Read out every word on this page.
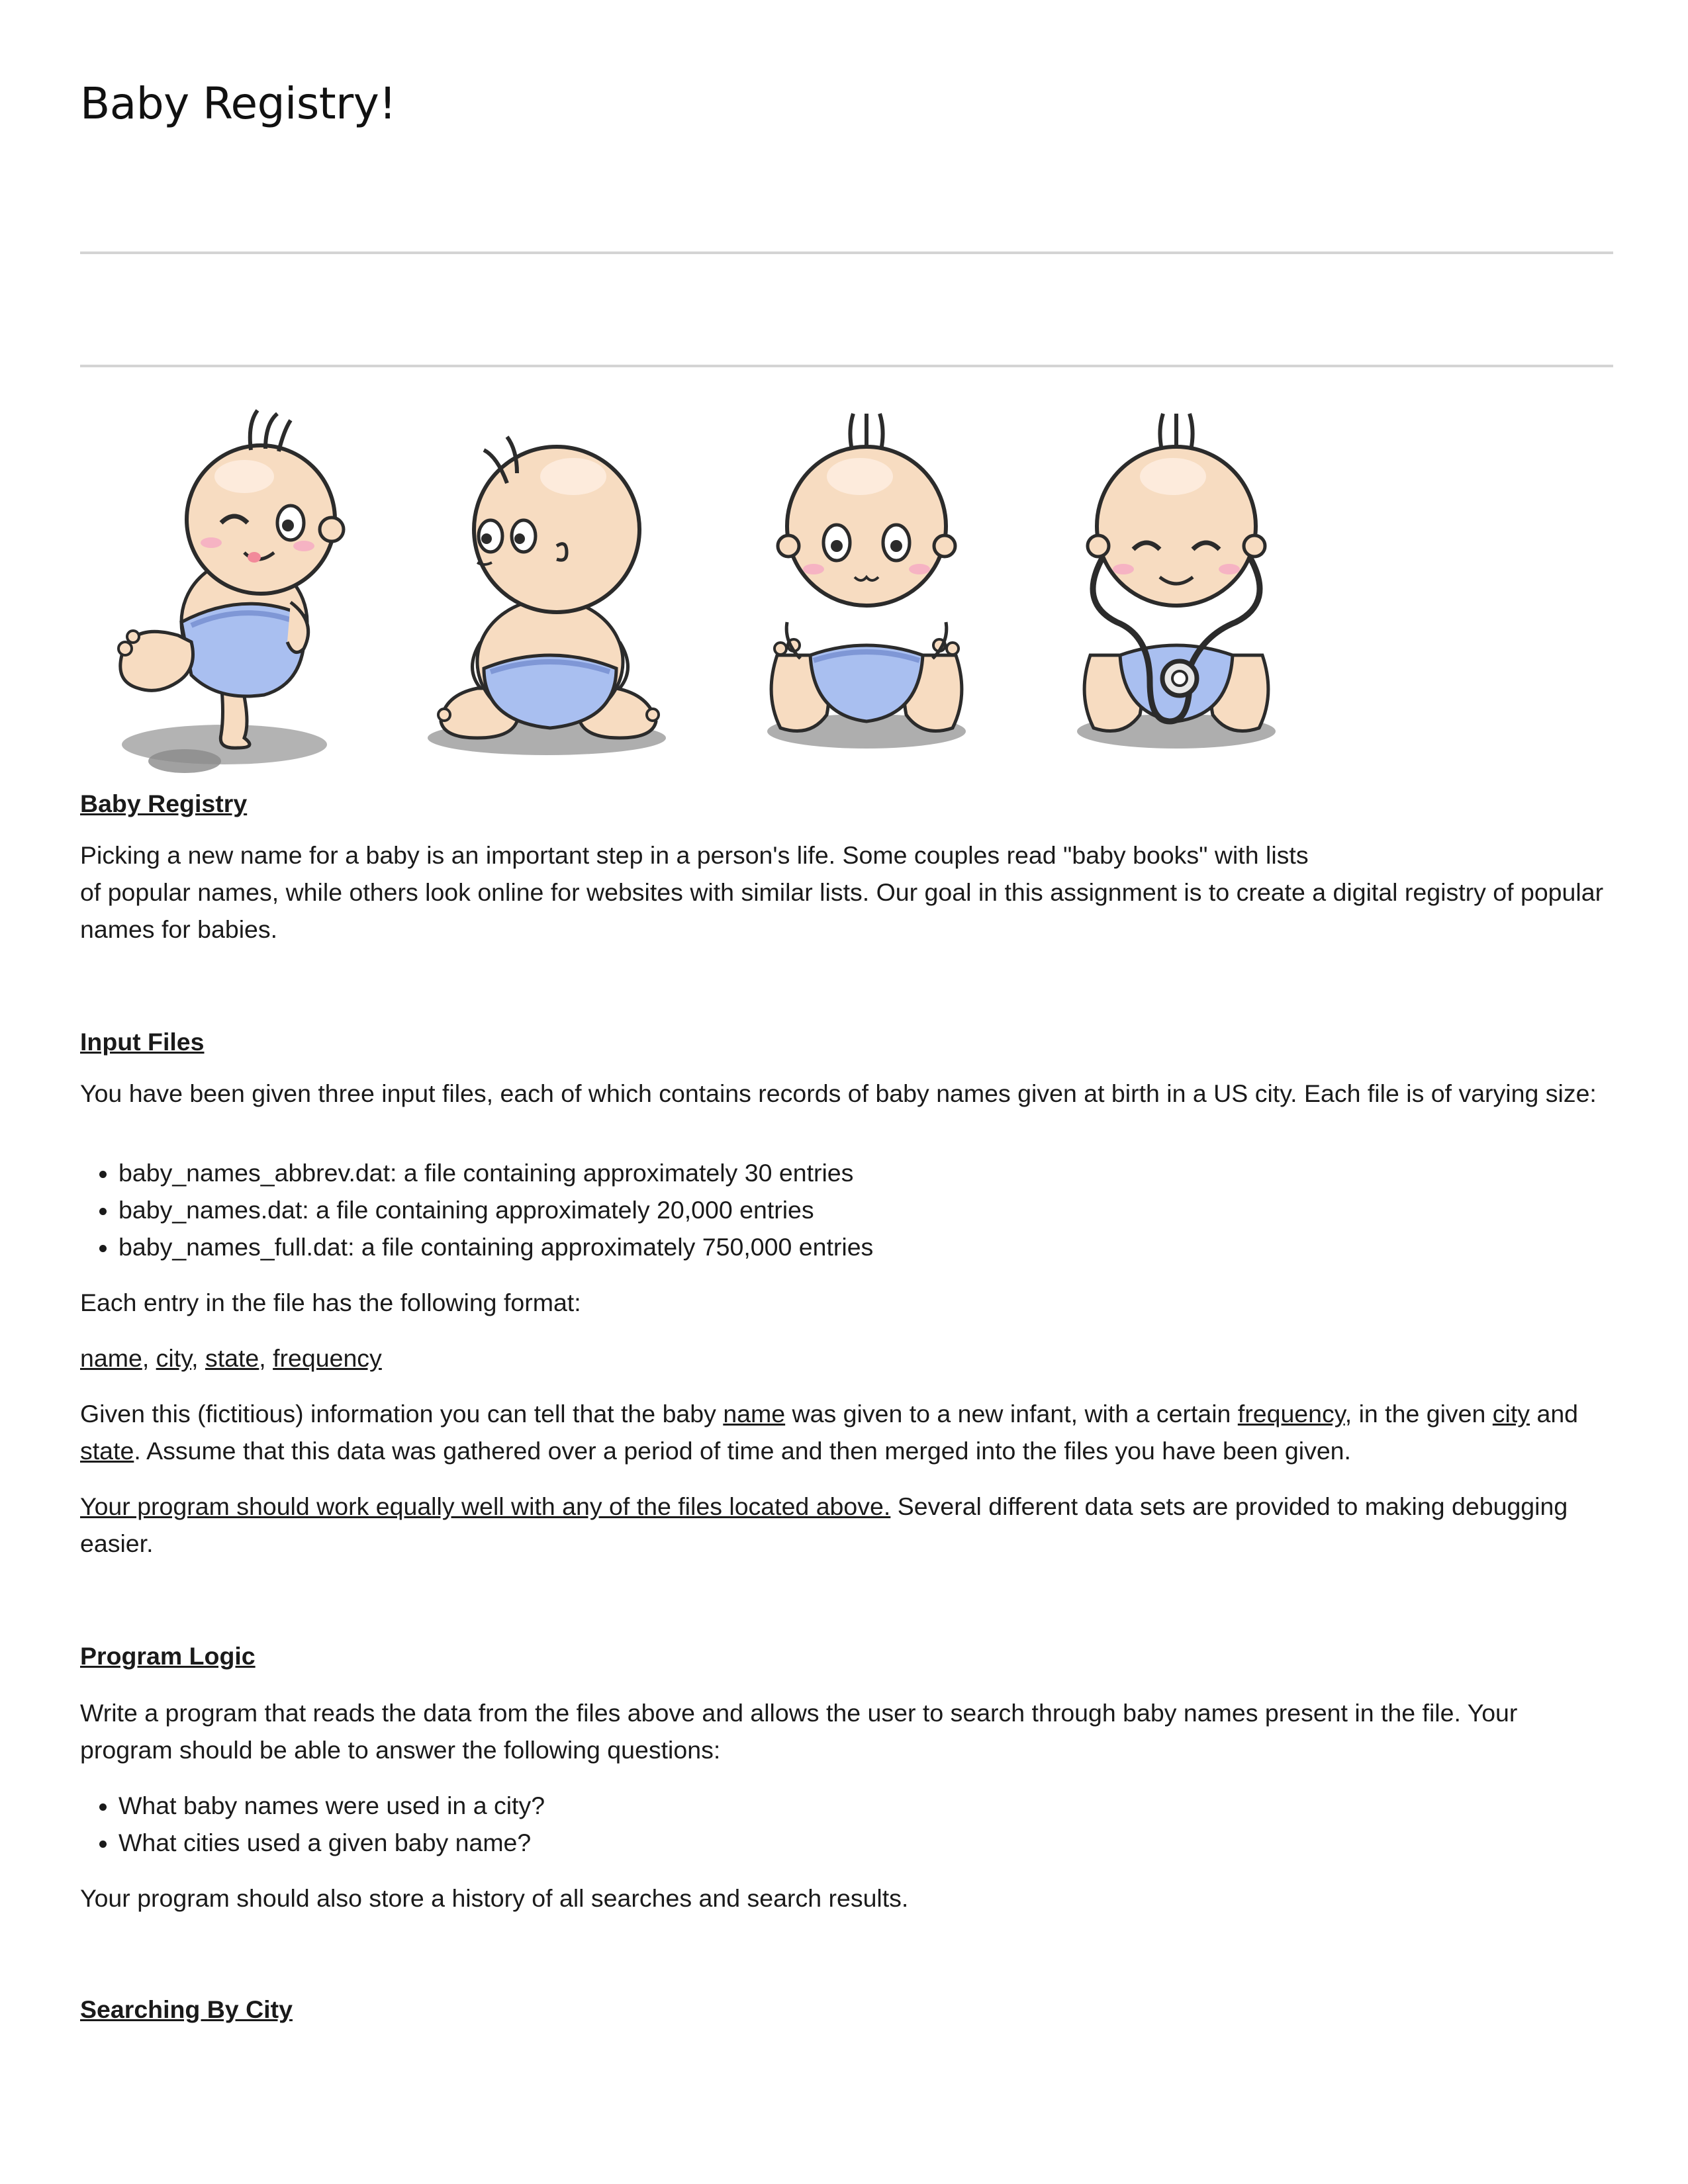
Baby Registry!

Baby Registry

Picking a new name for a baby is an important step in a person's life. Some couples read "baby books" with lists
of popular names, while others look online for websites with similar lists. Our goal in this assignment is to create a digital registry of popular names for babies.

Input Files

You have been given three input files, each of which contains records of baby names given at birth in a US city. Each file is of varying size:

• baby_names_abbrev.dat: a file containing approximately 30 entries
• baby_names.dat: a file containing approximately 20,000 entries
• baby_names_full.dat: a file containing approximately 750,000 entries

Each entry in the file has the following format:

name, city, state, frequency

Given this (fictitious) information you can tell that the baby name was given to a new infant, with a certain frequency, in the given city and state. Assume that this data was gathered over a period of time and then merged into the files you have been given.

Your program should work equally well with any of the files located above. Several different data sets are provided to making debugging easier.

Program Logic

Write a program that reads the data from the files above and allows the user to search through baby names present in the file. Your program should be able to answer the following questions:

• What baby names were used in a city?
• What cities used a given baby name?

Your program should also store a history of all searches and search results.

Searching By City
